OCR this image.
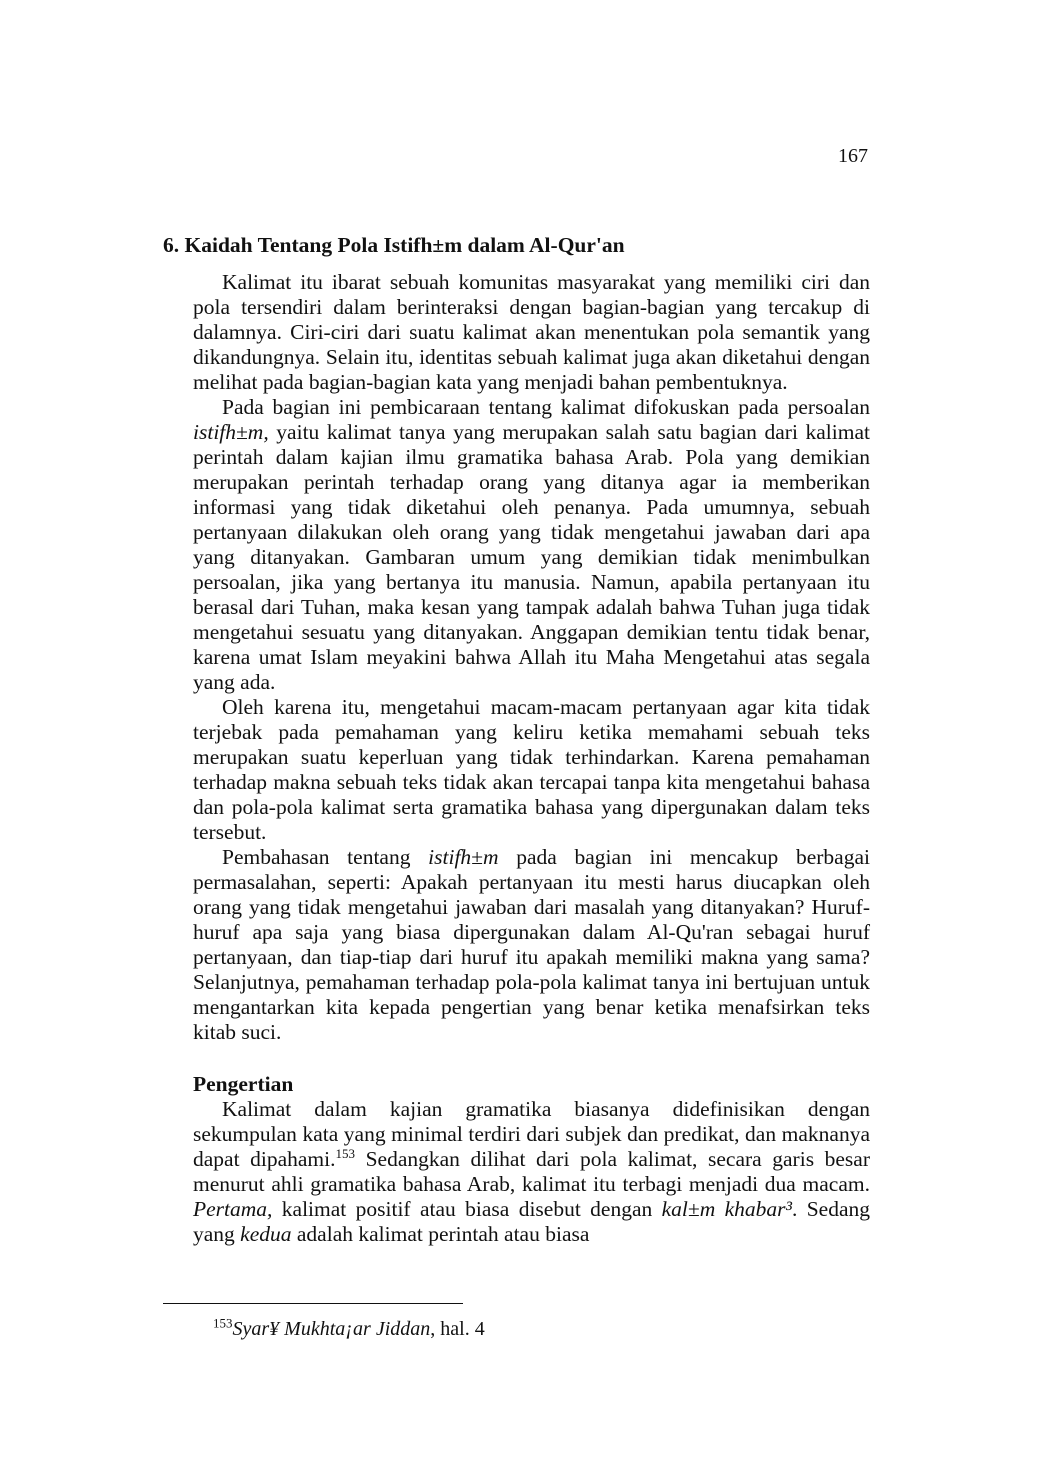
167
6. Kaidah Tentang Pola Istifh±m dalam Al-Qur'an

Kalimat itu ibarat sebuah komunitas masyarakat yang memiliki ciri dan pola tersendiri dalam berinteraksi dengan bagian-bagian yang tercakup di dalamnya. Ciri-ciri dari suatu kalimat akan menentukan pola semantik yang dikandungnya. Selain itu, identitas sebuah kalimat juga akan diketahui dengan melihat pada bagian-bagian kata yang menjadi bahan pembentuknya.

Pada bagian ini pembicaraan tentang kalimat difokuskan pada persoalan istifh±m, yaitu kalimat tanya yang merupakan salah satu bagian dari kalimat perintah dalam kajian ilmu gramatika bahasa Arab. Pola yang demikian merupakan perintah terhadap orang yang ditanya agar ia memberikan informasi yang tidak diketahui oleh penanya. Pada umumnya, sebuah pertanyaan dilakukan oleh orang yang tidak mengetahui jawaban dari apa yang ditanyakan. Gambaran umum yang demikian tidak menimbulkan persoalan, jika yang bertanya itu manusia. Namun, apabila pertanyaan itu berasal dari Tuhan, maka kesan yang tampak adalah bahwa Tuhan juga tidak mengetahui sesuatu yang ditanyakan. Anggapan demikian tentu tidak benar, karena umat Islam meyakini bahwa Allah itu Maha Mengetahui atas segala yang ada.

Oleh karena itu, mengetahui macam-macam pertanyaan agar kita tidak terjebak pada pemahaman yang keliru ketika memahami sebuah teks merupakan suatu keperluan yang tidak terhindarkan. Karena pemahaman terhadap makna sebuah teks tidak akan tercapai tanpa kita mengetahui bahasa dan pola-pola kalimat serta gramatika bahasa yang dipergunakan dalam teks tersebut.

Pembahasan tentang istifh±m pada bagian ini mencakup berbagai permasalahan, seperti: Apakah pertanyaan itu mesti harus diucapkan oleh orang yang tidak mengetahui jawaban dari masalah yang ditanyakan? Huruf-huruf apa saja yang biasa dipergunakan dalam Al-Qu'ran sebagai huruf pertanyaan, dan tiap-tiap dari huruf itu apakah memiliki makna yang sama? Selanjutnya, pemahaman terhadap pola-pola kalimat tanya ini bertujuan untuk mengantarkan kita kepada pengertian yang benar ketika menafsirkan teks kitab suci.

Pengertian

Kalimat dalam kajian gramatika biasanya didefinisikan dengan sekumpulan kata yang minimal terdiri dari subjek dan predikat, dan maknanya dapat dipahami.$^{153}$ Sedangkan dilihat dari pola kalimat, secara garis besar menurut ahli gramatika bahasa Arab, kalimat itu terbagi menjadi dua macam. Pertama, kalimat positif atau biasa disebut dengan kal±m khabar³. Sedang yang kedua adalah kalimat perintah atau biasa

$^{153}$Syar¥ Mukhta¡ar Jiddan, hal. 4
